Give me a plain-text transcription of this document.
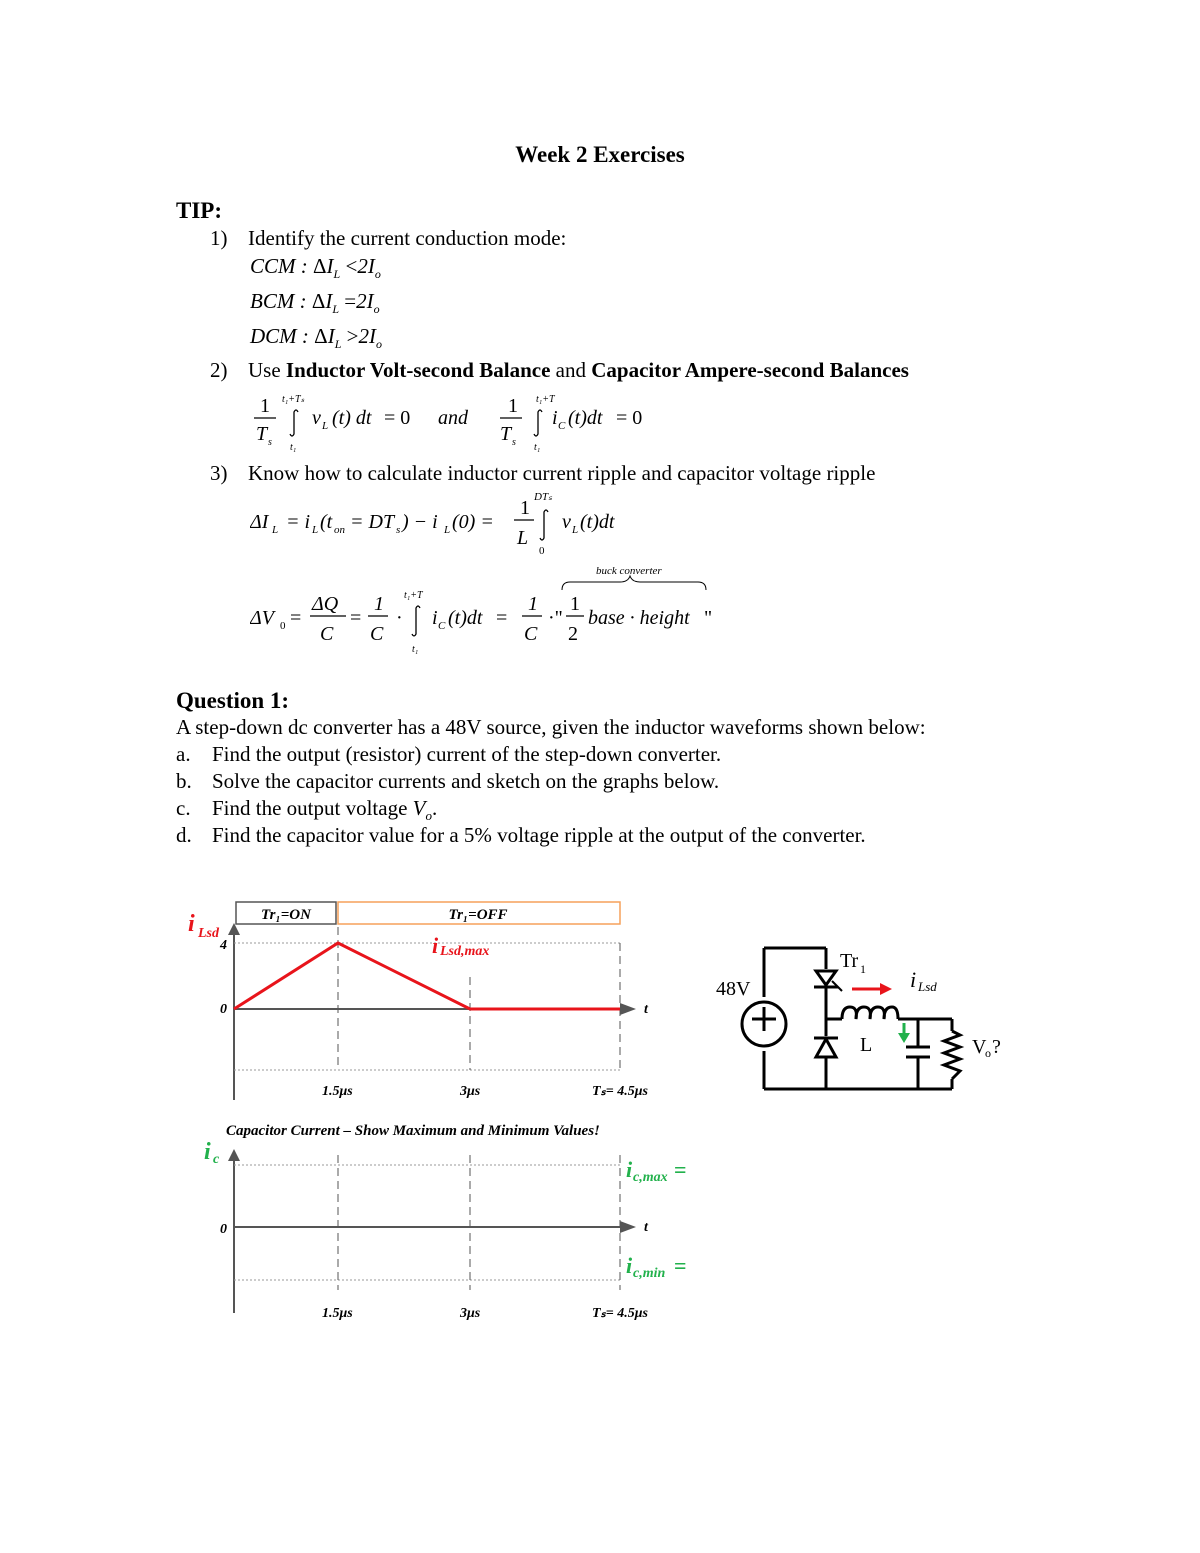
Week 2 Exercises
TIP:
1) Identify the current conduction mode:
CCM : $\Delta I_L <2I_o$
BCM : $\Delta I_L =2I_o$
DCM : $\Delta I_L >2I_o$
2) Use Inductor Volt-second Balance and Capacitor Ampere-second Balances
1
T s
t₁+Tₛ
t₁
v L (t) dt = 0 and
1
T s
t₁+T
t₁
i C (t)dt = 0
3) Know how to calculate inductor current ripple and capacitor voltage ripple
ΔI L = i L (t on = DT s ) − i L (0) =
1
L
DTₛ
0
v L (t)dt
buck converter
ΔV 0 =
ΔQ
C
=
1
C
·
t₁+T
t₁
i C (t)dt =
1
C
·"
1
2
base · height "
Question 1:
A step-down dc converter has a 48V source, given the inductor waveforms shown below:
a. Find the output (resistor) current of the step-down converter.
b. Solve the capacitor currents and sketch on the graphs below.
c. Find the output voltage $V_o$.
d. Find the capacitor value for a 5% voltage ripple at the output of the converter.
Tr₁=ON	Tr₁=OFF
i Lsd
4
0	t
i Lsd,max
1.5μs	3μs	Tₛ= 4.5μs
Capacitor Current – Show Maximum and Minimum Values!
i c
0	t
i c,max =
i c,min =
1.5μs	3μs	Tₛ= 4.5μs
48V
Tr 1
L
i Lsd
V
o ?
